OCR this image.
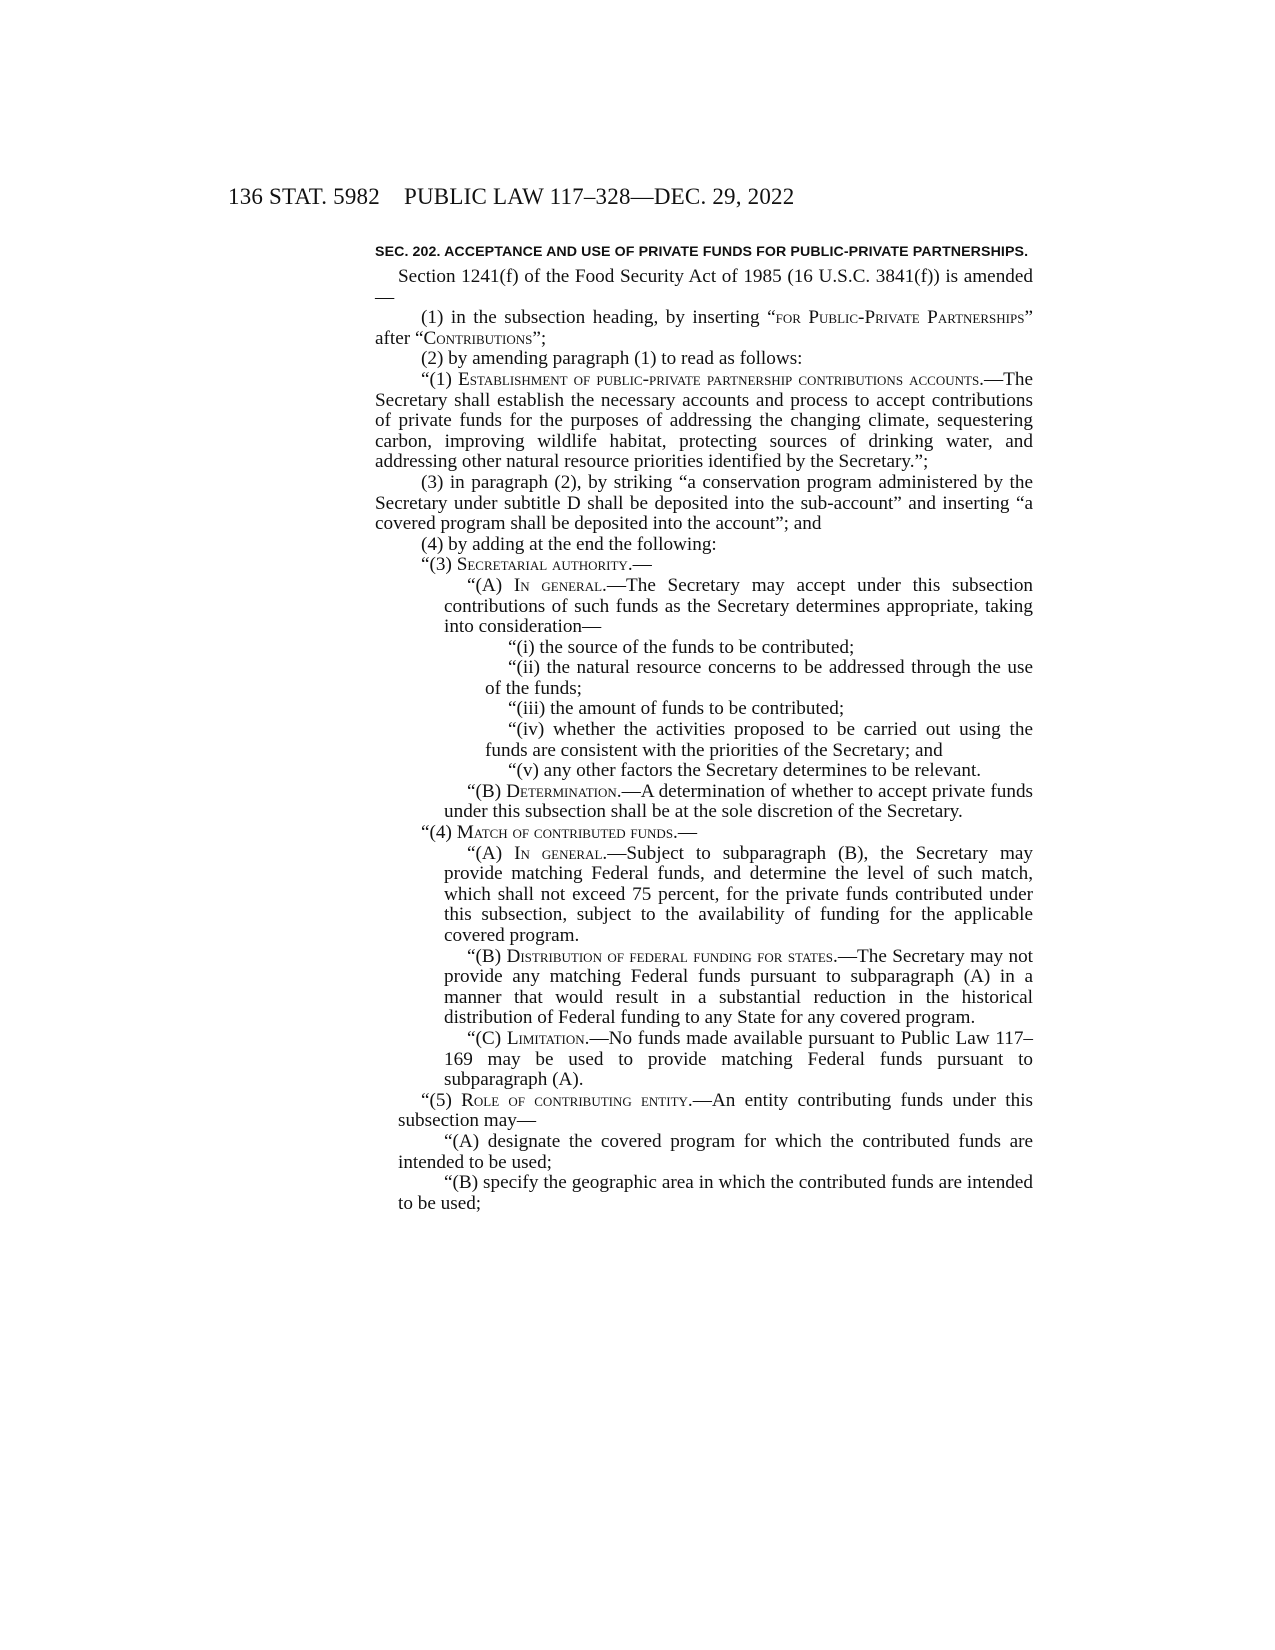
136 STAT. 5982 PUBLIC LAW 117–328—DEC. 29, 2022

SEC. 202. ACCEPTANCE AND USE OF PRIVATE FUNDS FOR PUBLIC-PRIVATE PARTNERSHIPS.

Section 1241(f) of the Food Security Act of 1985 (16 U.S.C. 3841(f)) is amended—

(1) in the subsection heading, by inserting “for Public-Private Partnerships” after “Contributions”;

(2) by amending paragraph (1) to read as follows:

“(1) Establishment of public-private partnership contributions accounts.—The Secretary shall establish the necessary accounts and process to accept contributions of private funds for the purposes of addressing the changing climate, sequestering carbon, improving wildlife habitat, protecting sources of drinking water, and addressing other natural resource priorities identified by the Secretary.”;

(3) in paragraph (2), by striking “a conservation program administered by the Secretary under subtitle D shall be deposited into the sub-account” and inserting “a covered program shall be deposited into the account”; and

(4) by adding at the end the following:

“(3) Secretarial authority.—

“(A) In general.—The Secretary may accept under this subsection contributions of such funds as the Secretary determines appropriate, taking into consideration—

“(i) the source of the funds to be contributed;

“(ii) the natural resource concerns to be addressed through the use of the funds;

“(iii) the amount of funds to be contributed;

“(iv) whether the activities proposed to be carried out using the funds are consistent with the priorities of the Secretary; and

“(v) any other factors the Secretary determines to be relevant.

“(B) Determination.—A determination of whether to accept private funds under this subsection shall be at the sole discretion of the Secretary.

“(4) Match of contributed funds.—

“(A) In general.—Subject to subparagraph (B), the Secretary may provide matching Federal funds, and determine the level of such match, which shall not exceed 75 percent, for the private funds contributed under this subsection, subject to the availability of funding for the applicable covered program.

“(B) Distribution of federal funding for states.—The Secretary may not provide any matching Federal funds pursuant to subparagraph (A) in a manner that would result in a substantial reduction in the historical distribution of Federal funding to any State for any covered program.

“(C) Limitation.—No funds made available pursuant to Public Law 117–169 may be used to provide matching Federal funds pursuant to subparagraph (A).

“(5) Role of contributing entity.—An entity contributing funds under this subsection may—

“(A) designate the covered program for which the contributed funds are intended to be used;

“(B) specify the geographic area in which the contributed funds are intended to be used;
